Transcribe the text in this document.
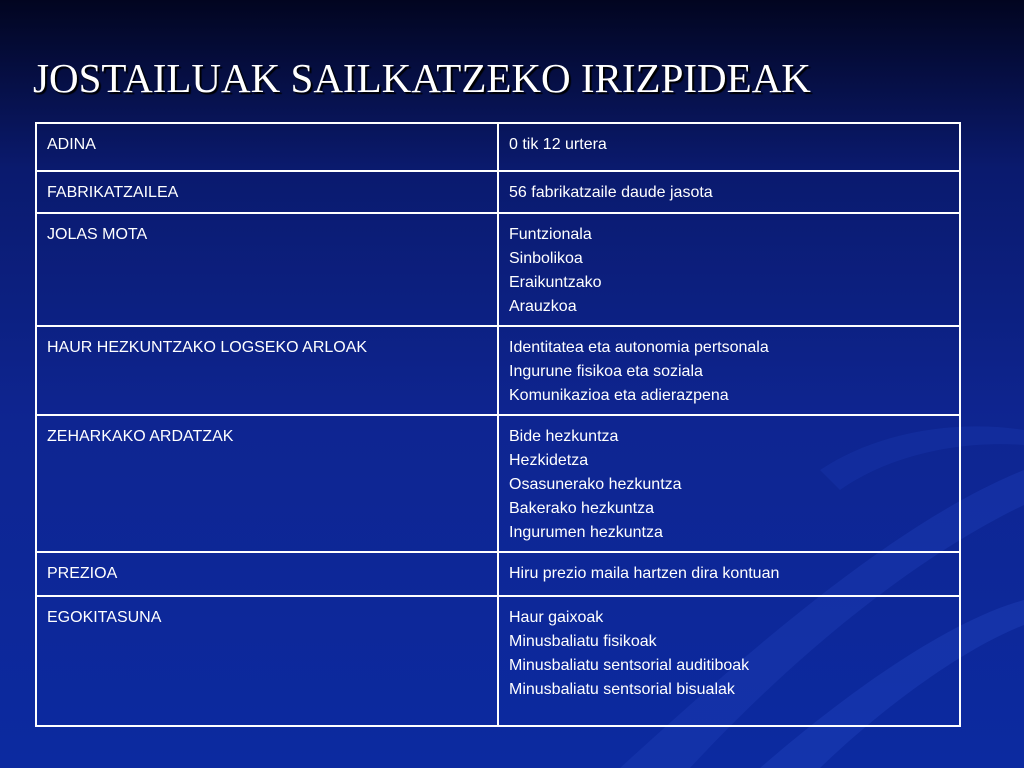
JOSTAILUAK SAILKATZEKO IRIZPIDEAK
ADINA	0 tik 12 urtera

FABRIKATZAILEA	56 fabrikatzaile daude jasota

JOLAS MOTA	Funtzionala
Sinbolikoa
Eraikuntzako
Arauzkoa

HAUR HEZKUNTZAKO LOGSEKO ARLOAK	Identitatea eta autonomia pertsonala
Ingurune fisikoa eta soziala
Komunikazioa eta adierazpena

ZEHARKAKO ARDATZAK	Bide hezkuntza
Hezkidetza
Osasunerako hezkuntza
Bakerako hezkuntza
Ingurumen hezkuntza

PREZIOA	Hiru prezio maila hartzen dira kontuan

EGOKITASUNA	Haur gaixoak
Minusbaliatu fisikoak
Minusbaliatu sentsorial auditiboak
Minusbaliatu sentsorial bisualak
